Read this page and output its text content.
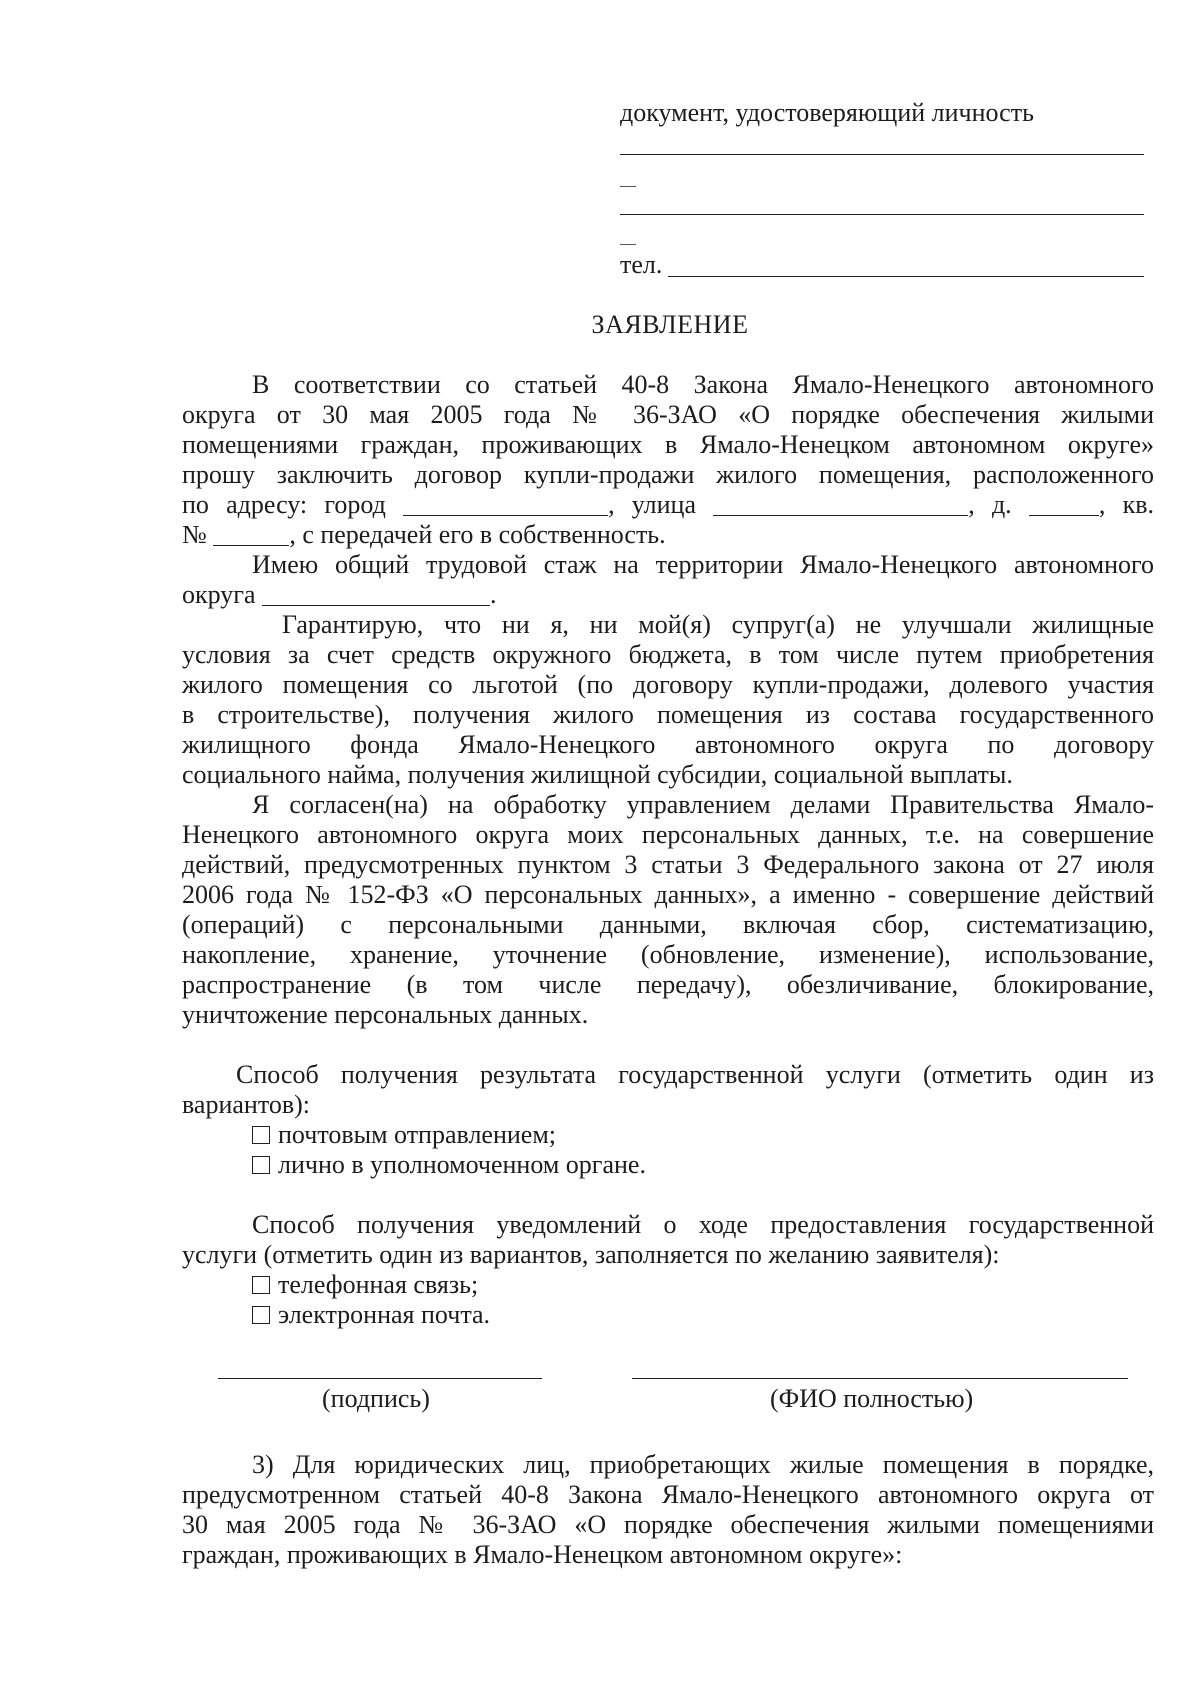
документ, удостоверяющий личность
тел.
ЗАЯВЛЕНИЕ
В соответствии со статьей 40-8 Закона Ямало-Ненецкого автономного
округа от 30 мая 2005 года № 36-ЗАО «О порядке обеспечения жилыми
помещениями граждан, проживающих в Ямало-Ненецком автономном округе»
прошу заключить договор купли-продажи жилого помещения, расположенного
по адресу: город	, улица	, д.	, кв.
№	, с передачей его в собственность.
Имею общий трудовой стаж на территории Ямало-Ненецкого автономного
округа	.
Гарантирую, что ни я, ни мой(я) супруг(а) не улучшали жилищные
условия за счет средств окружного бюджета, в том числе путем приобретения
жилого помещения со льготой (по договору купли-продажи, долевого участия
в строительстве), получения жилого помещения из состава государственного
жилищного фонда Ямало-Ненецкого автономного округа по договору
социального найма, получения жилищной субсидии, социальной выплаты.
Я согласен(на) на обработку управлением делами Правительства Ямало-
Ненецкого автономного округа моих персональных данных, т.е. на совершение
действий, предусмотренных пунктом 3 статьи 3 Федерального закона от 27 июля
2006 года № 152-ФЗ «О персональных данных», а именно - совершение действий
(операций) с персональными данными, включая сбор, систематизацию,
накопление, хранение, уточнение (обновление, изменение), использование,
распространение (в том числе передачу), обезличивание, блокирование,
уничтожение персональных данных.
Способ получения результата государственной услуги (отметить один из
вариантов):
почтовым отправлением;
лично в уполномоченном органе.
Способ получения уведомлений о ходе предоставления государственной
услуги (отметить один из вариантов, заполняется по желанию заявителя):
телефонная связь;
электронная почта.
(подпись)	(ФИО полностью)
3) Для юридических лиц, приобретающих жилые помещения в порядке,
предусмотренном статьей 40-8 Закона Ямало-Ненецкого автономного округа от
30 мая 2005 года № 36-ЗАО «О порядке обеспечения жилыми помещениями
граждан, проживающих в Ямало-Ненецком автономном округе»:
